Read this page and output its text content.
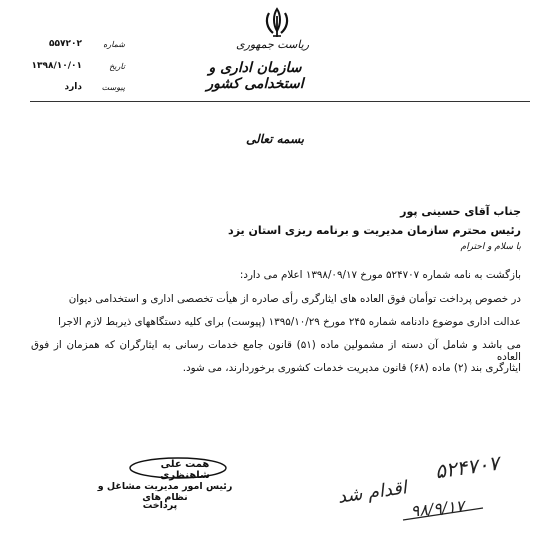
ریاست جمهوری
سازمان اداری و استخدامی کشور
شماره
۵۵۷۲۰۲
تاریخ
۱۳۹۸/۱۰/۰۱
پیوست
دارد
بسمه تعالی
جناب آقای حسینی پور
رئیس محترم سازمان مدیریت و برنامه ریزی استان یزد
با سلام و احترام
بازگشت به نامه شماره ۵۲۴۷۰۷ مورخ ۱۳۹۸/۰۹/۱۷ اعلام می دارد:
در خصوص پرداخت توأمان فوق العاده های ایثارگری رأی صادره از هیأت تخصصی اداری و استخدامی دیوان
عدالت اداری موضوع دادنامه شماره ۲۴۵ مورخ ۱۳۹۵/۱۰/۲۹ (پیوست) برای کلیه دستگاههای ذیربط لازم الاجرا
می باشد و شامل آن دسته از مشمولین ماده (۵۱) قانون جامع خدمات رسانی به ایثارگران که همزمان از فوق العاده
ایثارگری بند (۲) ماده (۶۸) قانون مدیریت خدمات کشوری برخوردارند، می شود.
همت علی شاهنظری
رئیس امور مدیریت مشاغل و نظام های
پرداخت
۵۲۴۷۰۷
اقدام شد
۹۸/۹/۱۷
